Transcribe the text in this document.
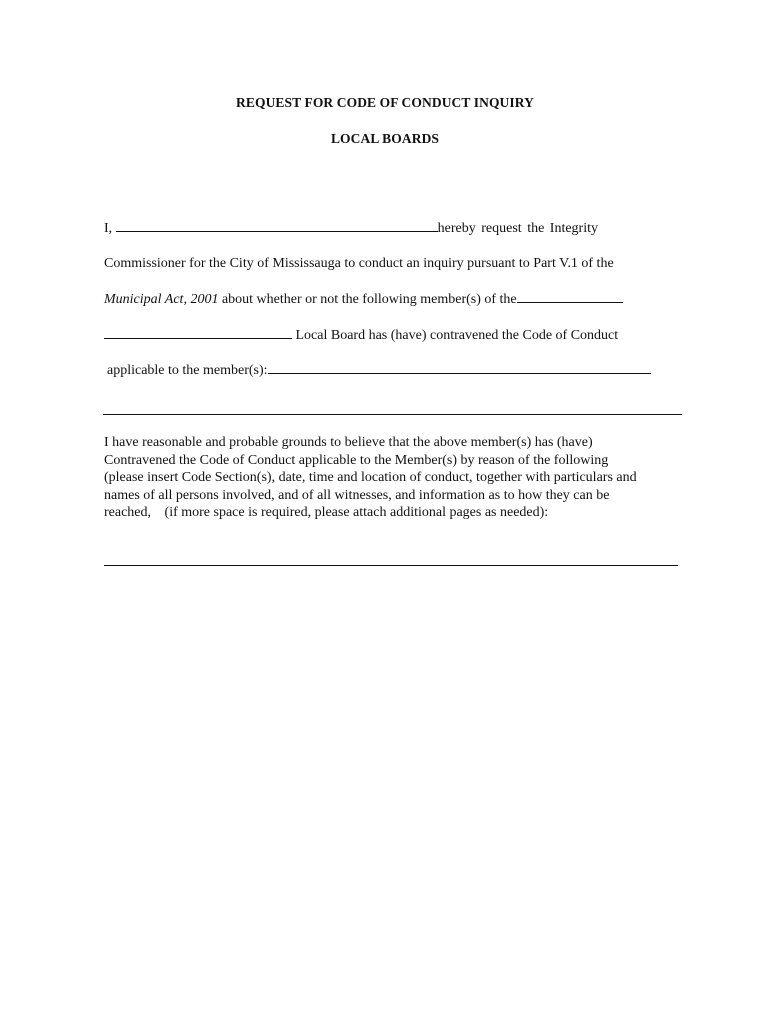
REQUEST FOR CODE OF CONDUCT INQUIRY
LOCAL BOARDS
I,	hereby request the Integrity
Commissioner for the City of Mississauga to conduct an inquiry pursuant to Part V.1 of the
Municipal Act, 2001 about whether or not the following member(s) of the
Local Board has (have) contravened the Code of Conduct
applicable to the member(s):
I have reasonable and probable grounds to believe that the above member(s) has (have)
Contravened the Code of Conduct applicable to the Member(s) by reason of the following
(please insert Code Section(s), date, time and location of conduct, together with particulars and
names of all persons involved, and of all witnesses, and information as to how they can be
reached, (if more space is required, please attach additional pages as needed):
